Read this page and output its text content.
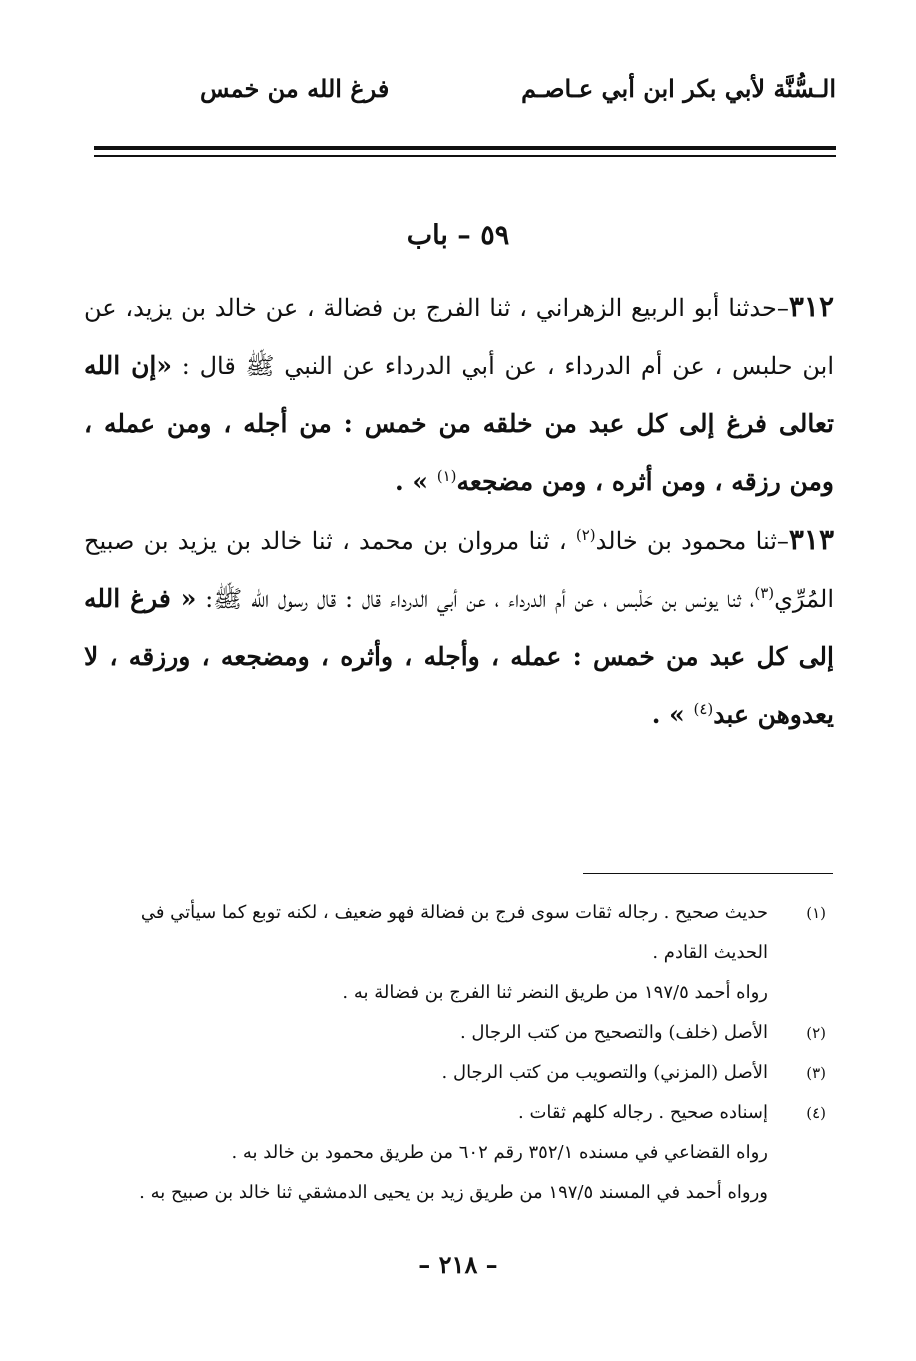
الـسُّنَّة لأبي بكر ابن أبي عـاصـم
فرغ الله من خمس
٥٩ – باب

٣١٢–حدثنا أبو الربيع الزهراني ، ثنا الفرج بن فضالة ، عن خالد بن يزيد، عن ابن حلبس ، عن أم الدرداء ، عن أبي الدرداء عن النبي ﷺ قال : «إن الله تعالى فرغ إلى كل عبد من خلقه من خمس : من أجله ، ومن عمله ، ومن رزقه ، ومن أثره ، ومن مضجعه$^{(١)}$ » .

٣١٣–ثنا محمود بن خالد$^{(٢)}$ ، ثنا مروان بن محمد ، ثنا خالد بن يزيد بن صبيح المُرِّي$^{(٣)}$، ثنا يونس بن حَلْبس ، عن أم الدرداء ، عن أبي الدرداء قال : قال رسول الله ﷺ: « فرغ الله إلى كل عبد من خمس : عمله ، وأجله ، وأثره ، ومضجعه ، ورزقه ، لا يعدوهن عبد$^{(٤)}$ » .

(١)
حديث صحيح . رجاله ثقات سوى فرج بن فضالة فهو ضعيف ، لكنه توبع كما سيأتي في الحديث القادم .
رواه أحمد ١٩٧/٥ من طريق النضر ثنا الفرج بن فضالة به .
(٢)
الأصل (خلف) والتصحيح من كتب الرجال .
(٣)
الأصل (المزني) والتصويب من كتب الرجال .
(٤)
إسناده صحيح . رجاله كلهم ثقات .
رواه القضاعي في مسنده ٣٥٢/١ رقم ٦٠٢ من طريق محمود بن خالد به .
ورواه أحمد في المسند ١٩٧/٥ من طريق زيد بن يحيى الدمشقي ثنا خالد بن صبيح به .
– ٢١٨ –
